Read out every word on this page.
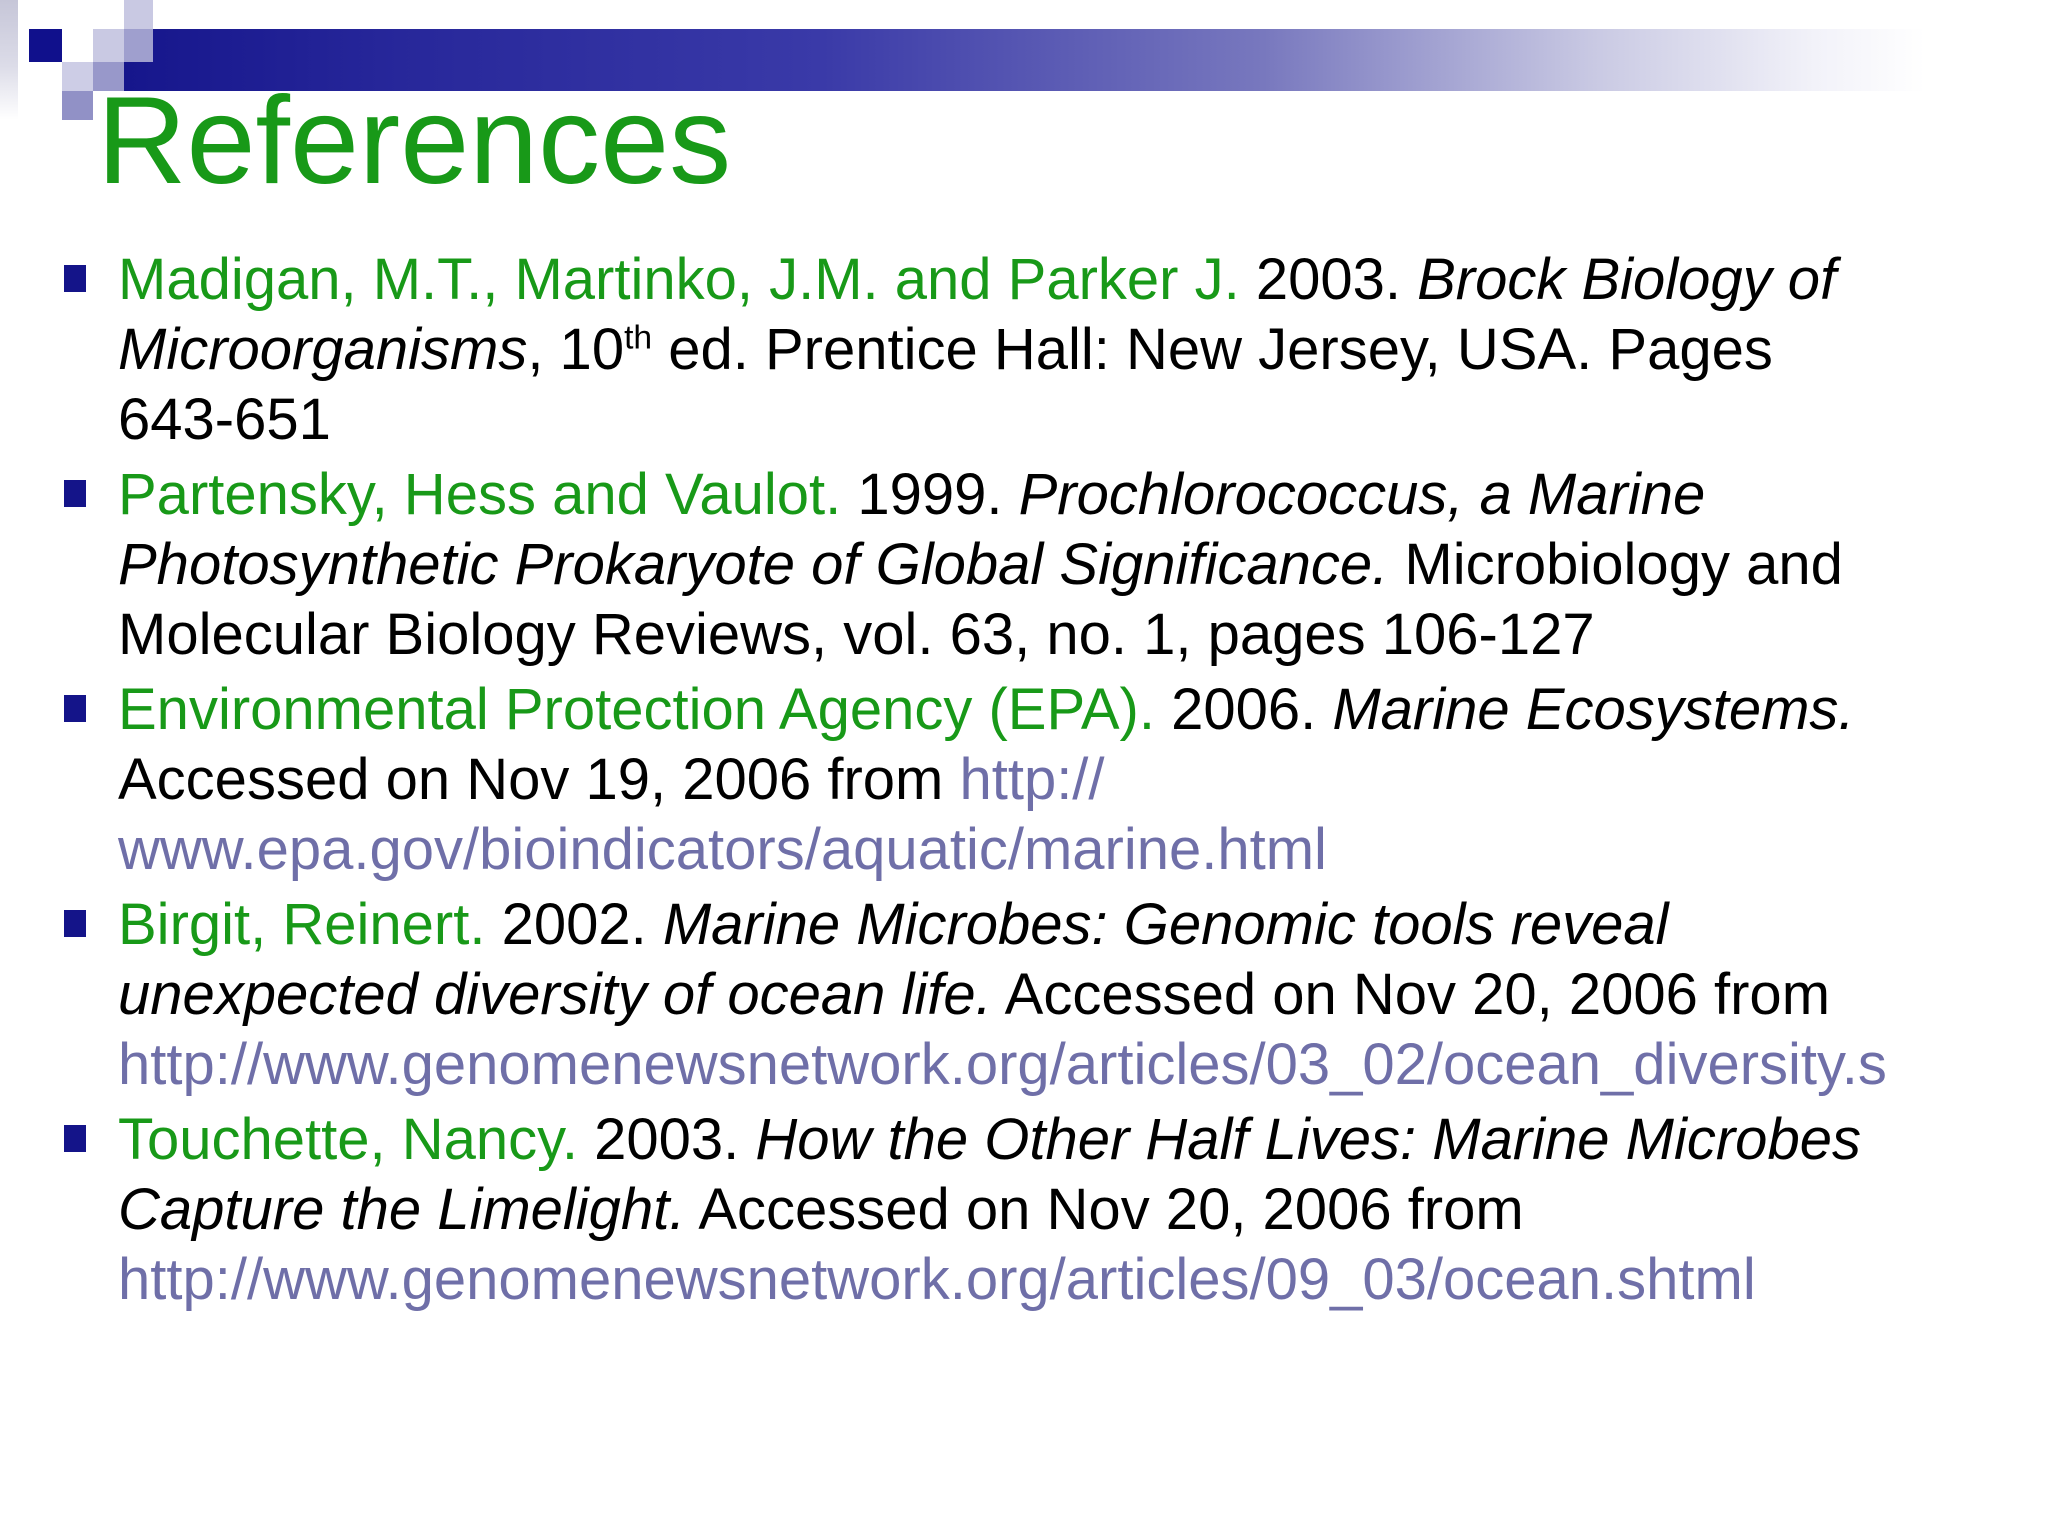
References
Madigan, M.T., Martinko, J.M. and Parker J. 2003. Brock Biology of
Microorganisms, 10th ed. Prentice Hall: New Jersey, USA. Pages
643-651
Partensky, Hess and Vaulot. 1999. Prochlorococcus, a Marine
Photosynthetic Prokaryote of Global Significance. Microbiology and
Molecular Biology Reviews, vol. 63, no. 1, pages 106-127
Environmental Protection Agency (EPA). 2006. Marine Ecosystems.
Accessed on Nov 19, 2006 from http://
www.epa.gov/bioindicators/aquatic/marine.html
Birgit, Reinert. 2002. Marine Microbes: Genomic tools reveal
unexpected diversity of ocean life. Accessed on Nov 20, 2006 from
http://www.genomenewsnetwork.org/articles/03_02/ocean_diversity.s
Touchette, Nancy. 2003. How the Other Half Lives: Marine Microbes
Capture the Limelight. Accessed on Nov 20, 2006 from
http://www.genomenewsnetwork.org/articles/09_03/ocean.shtml
